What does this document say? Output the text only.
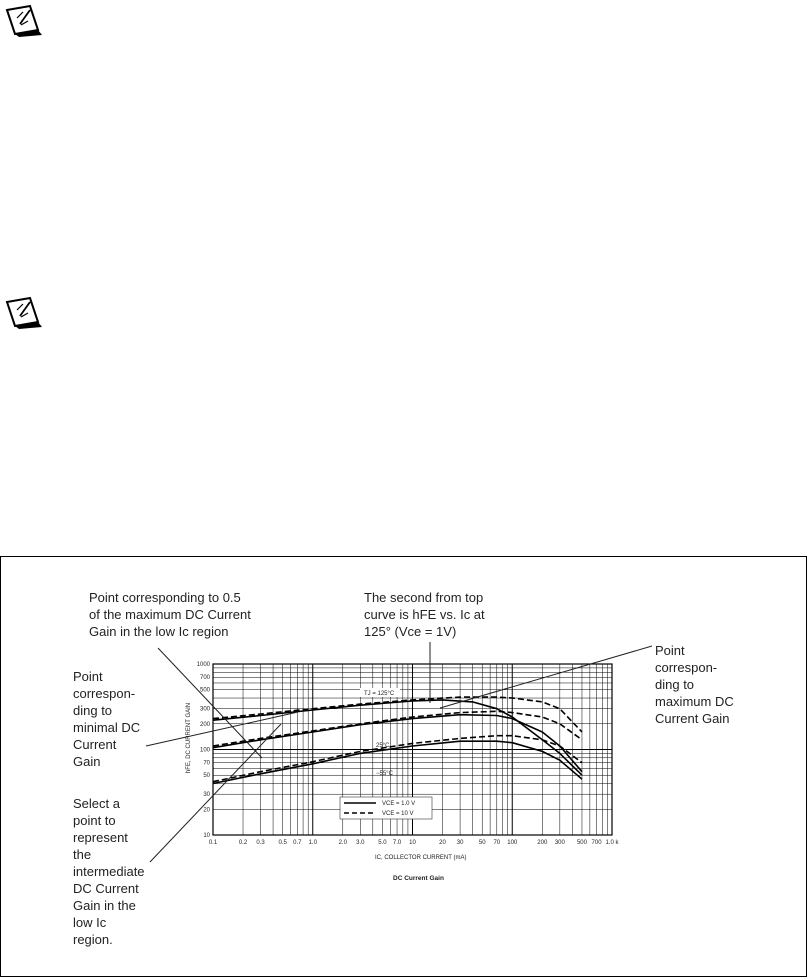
0.1	0.2 0.3 0.5 0.7 1.0	2.0 3.0 5.0 7.0 10	20 30	50 70 100	200 300 500 700 1.0 k
10
20
30
50
70
100
200
300
500
700
1000
TJ = 125°C
25°C
−55°C
VCE = 1.0 V
VCE = 10 V
IC, COLLECTOR CURRENT (mA)
hFE, DC CURRENT GAIN
DC Current Gain
Point corresponding to 0.5
of the maximum DC Current
Gain in the low Ic region
The second from top
curve is hFE vs. Ic at
125° (Vce = 1V)
Point
correspon-
ding to
minimal DC
Current
Gain
Point
correspon-
ding to
maximum DC
Current Gain
Select a
point to
represent
the
intermediate
DC Current
Gain in the
low Ic
region.
